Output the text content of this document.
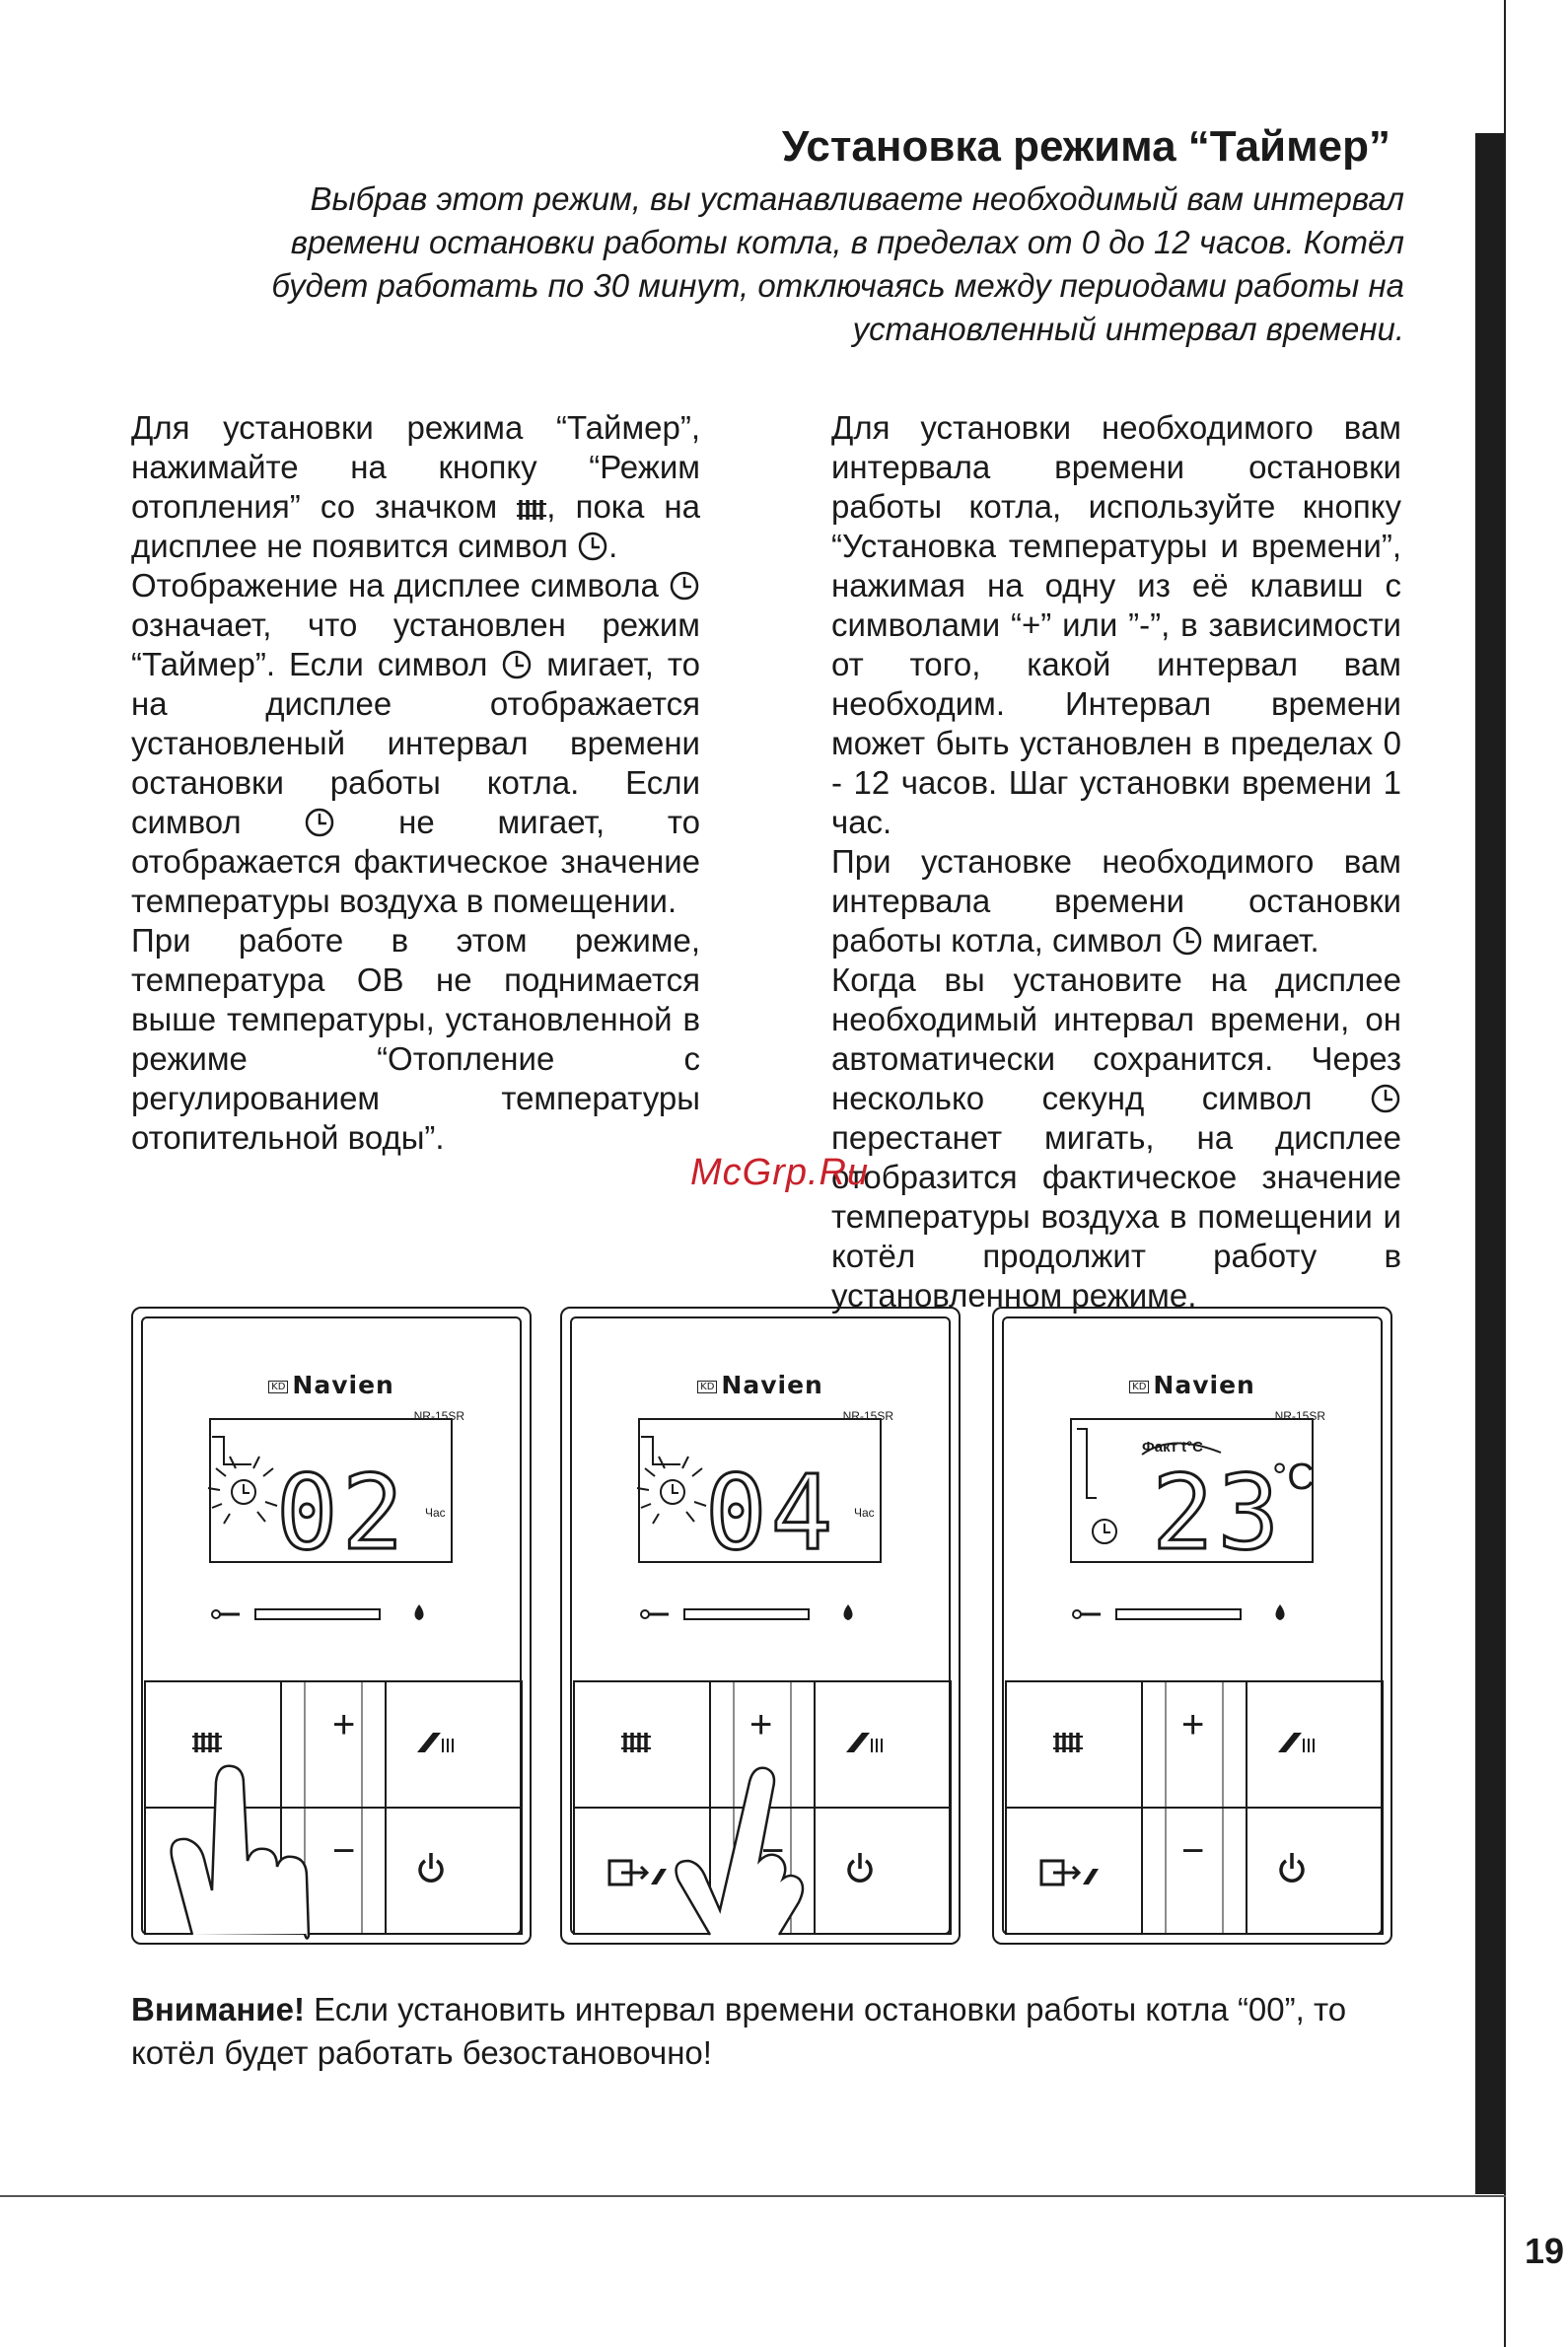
19
Установка режима “Таймер”
Выбрав этот режим, вы устанавливаете необходимый вам интервал времени остановки работы котла, в пределах от 0 до 12 часов. Котёл будет работать по 30 минут, отключаясь между периодами работы на установленный интервал времени.

Для установки режима “Таймер”, нажимайте на кнопку “Режим отопления” со значком , пока на дисплее не появится символ .

Отображение на дисплее символа  означает, что установлен режим “Таймер”. Если символ  мигает, то на дисплее отображается установленый интервал времени остановки работы котла. Если символ  не мигает, то отображается фактическое значение температуры воздуха в помещении.

При работе в этом режиме, температура ОВ не поднимается выше температуры, установленной в режиме “Отопление с регулированием температуры отопительной воды”.

Для установки необходимого вам интервала времени остановки работы котла, используйте кнопку “Установка температуры и времени”, нажимая на одну из её клавиш с символами “+” или ”-”, в зависимости от того, какой интервал вам необходим. Интервал времени может быть установлен в пределах 0 - 12 часов. Шаг установки времени 1 час.

При установке необходимого вам интервала времени остановки работы котла, символ  мигает.

Когда вы установите на дисплее необходимый интервал времени, он автоматически сохранится. Через несколько секунд символ  перестанет мигать, на дисплее отобразится фактическое значение температуры воздуха в помещении и котёл продолжит работу в установленном режиме.

McGrp.Ru
KD Navien
NR-15SR
02 Час
+
−
KD Navien
NR-15SR
04 Час
+
−
KD Navien
NR-15SR
Факт t°C
23
°C
+
−
Внимание! Если установить интервал времени остановки работы котла “00”, то котёл будет работать безостановочно!
